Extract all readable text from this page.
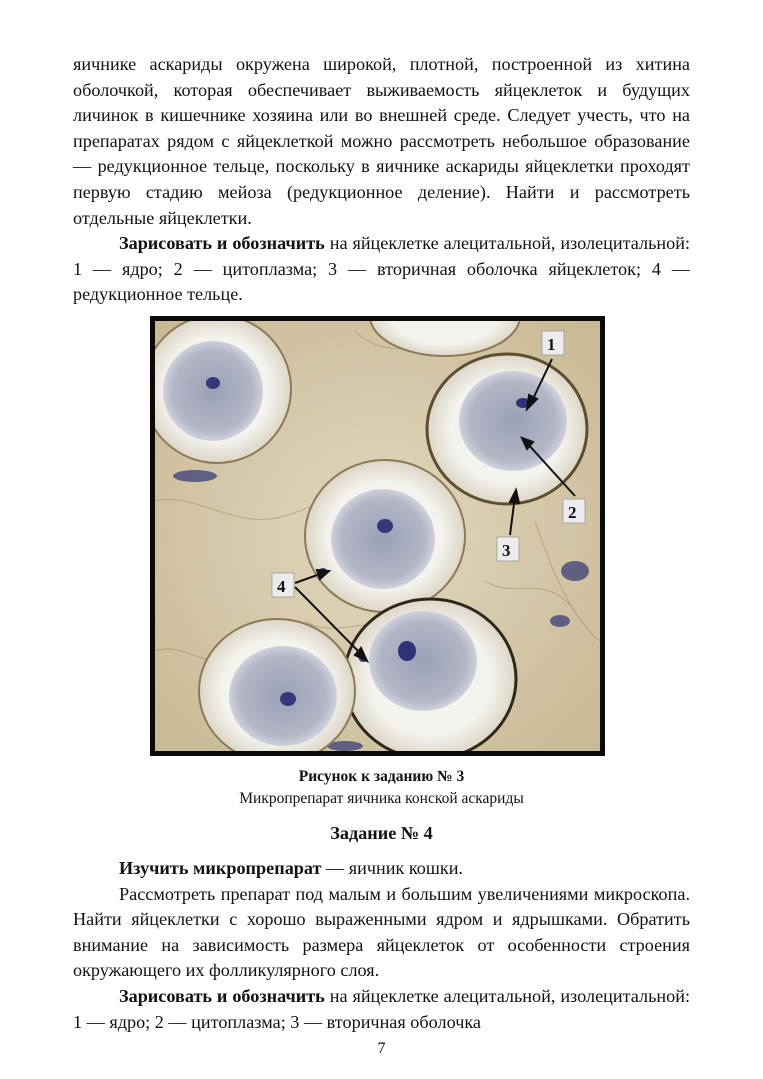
яичнике аскариды окружена широкой, плотной, построенной из хитина оболочкой, которая обеспечивает выживаемость яйцеклеток и будущих личинок в кишечнике хозяина или во внешней среде. Следует учесть, что на препаратах рядом с яйцеклеткой можно рассмотреть небольшое образование — редукционное тельце, поскольку в яичнике аскариды яйцеклетки проходят первую стадию мейоза (редукционное деление). Найти и рассмотреть отдельные яйцеклетки.

Зарисовать и обозначить на яйцеклетке алецитальной, изолецитальной: 1 — ядро; 2 — цитоплазма; 3 — вторичная оболочка яйцеклеток; 4 — редукционное тельце.

1
2
3
4
Рисунок к заданию № 3
Микропрепарат яичника конской аскариды
Задание № 4

Изучить микропрепарат — яичник кошки.

Рассмотреть препарат под малым и большим увеличениями микроскопа. Найти яйцеклетки с хорошо выраженными ядром и ядрышками. Обратить внимание на зависимость размера яйцеклеток от особенности строения окружающего их фолликулярного слоя.

Зарисовать и обозначить на яйцеклетке алецитальной, изолецитальной: 1 — ядро; 2 — цитоплазма; 3 — вторичная оболочка

7
